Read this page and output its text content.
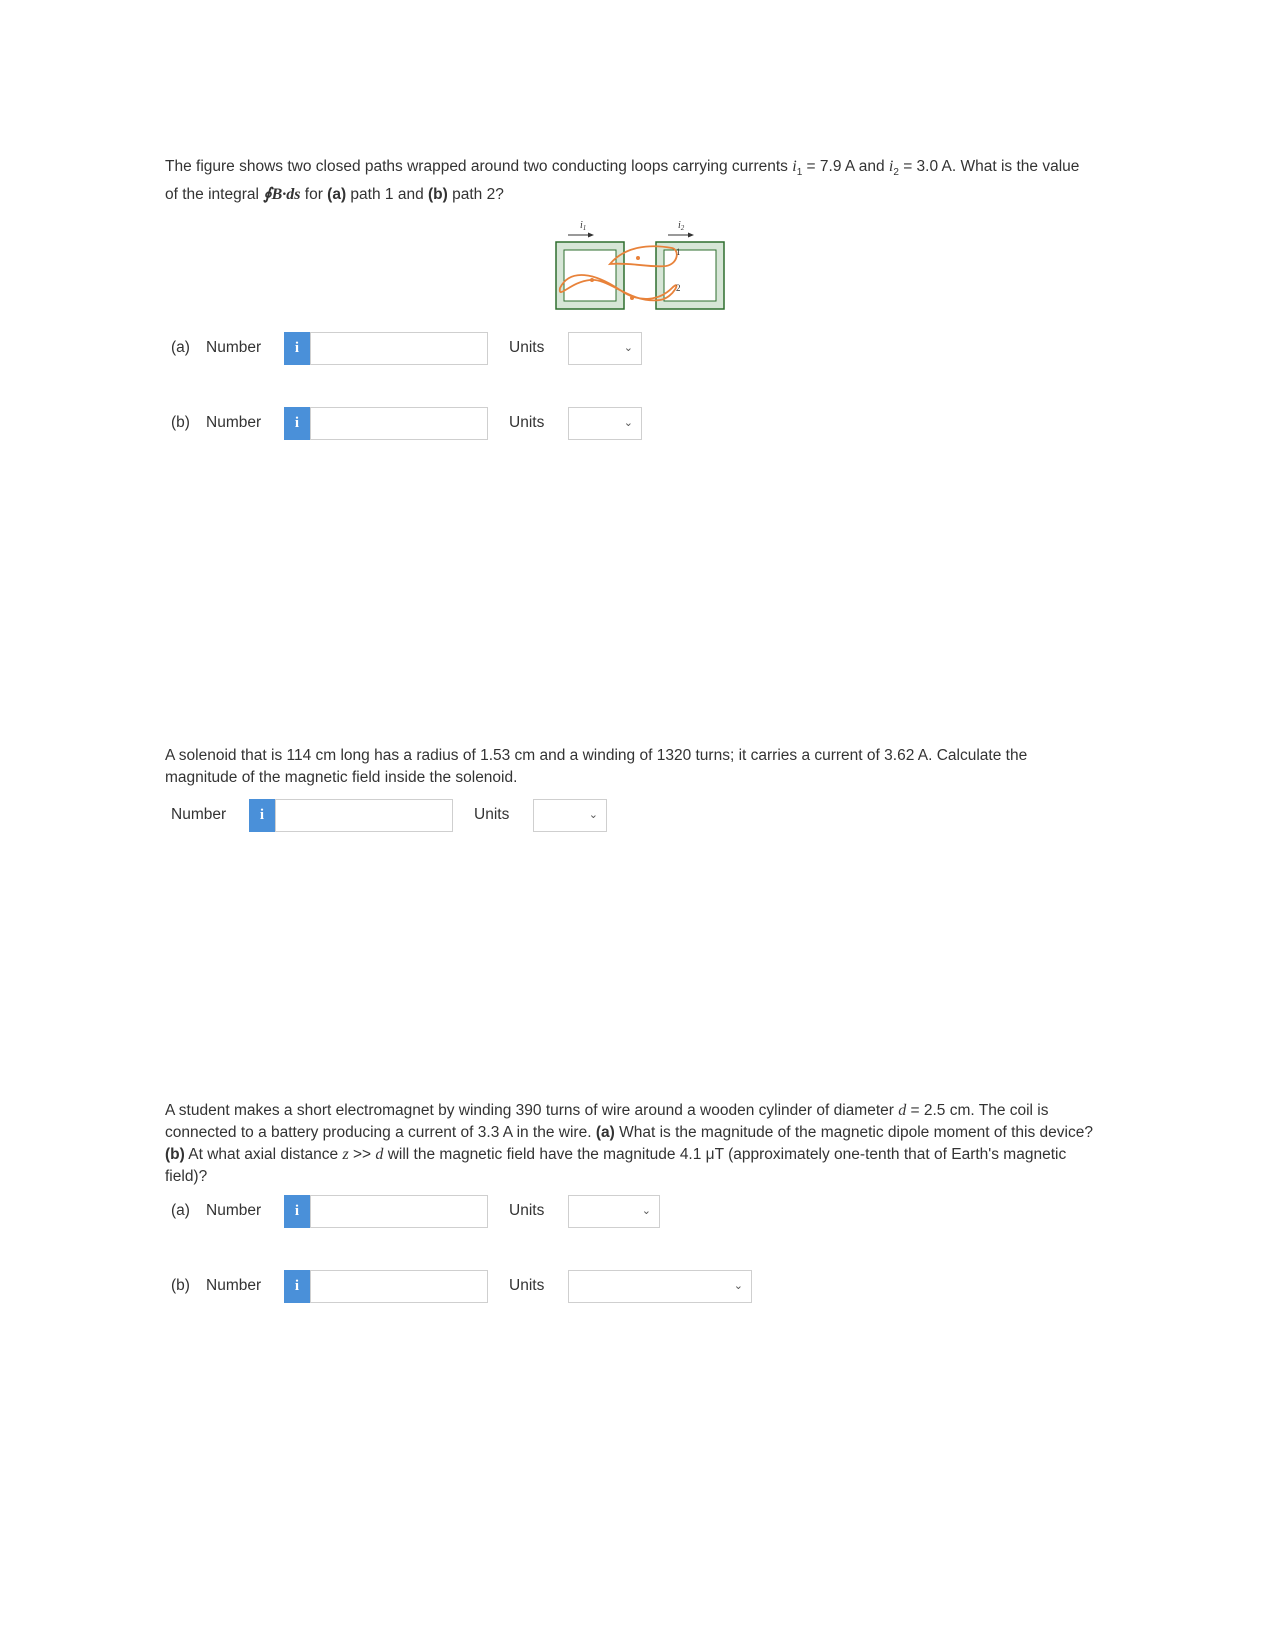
The figure shows two closed paths wrapped around two conducting loops carrying currents $i_1 = 7.9$ A and $i_2 = 3.0$ A. What is the value of the integral ∮B·ds for (a) path 1 and (b) path 2?

$i_1$	$i_2$
1
2
(a)	Number	i	Units	⌄
(b)	Number	i	Units	⌄

A solenoid that is 114 cm long has a radius of 1.53 cm and a winding of 1320 turns; it carries a current of 3.62 A. Calculate the magnitude of the magnetic field inside the solenoid.

Number	i	Units	⌄

A student makes a short electromagnet by winding 390 turns of wire around a wooden cylinder of diameter d = 2.5 cm. The coil is connected to a battery producing a current of 3.3 A in the wire. (a) What is the magnitude of the magnetic dipole moment of this device? (b) At what axial distance z >> d will the magnetic field have the magnitude 4.1 μT (approximately one-tenth that of Earth's magnetic field)?

(a)	Number	i	Units	⌄
(b)	Number	i	Units	⌄
